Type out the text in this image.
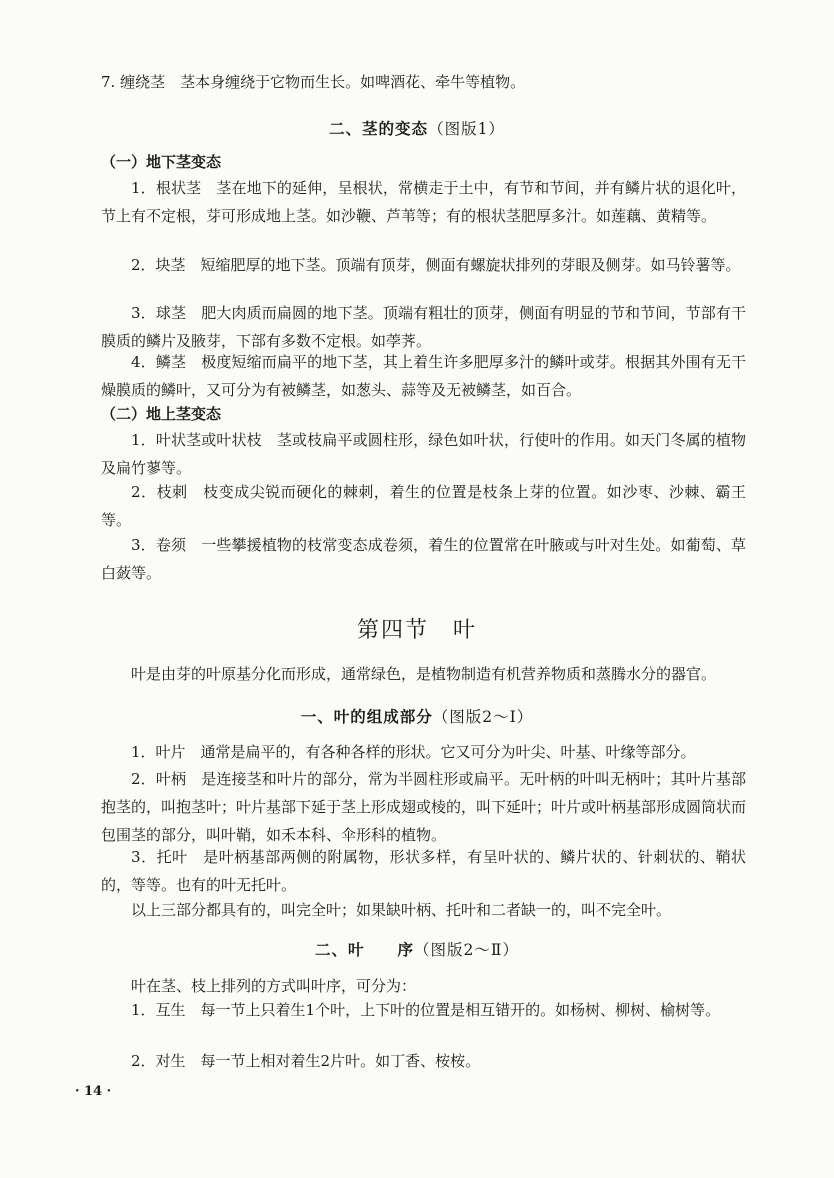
7. 缠绕茎　茎本身缠绕于它物而生长。如啤酒花、牵牛等植物。
二、茎的变态（图版1）
（一）地下茎变态
1．根状茎　茎在地下的延伸，呈根状，常横走于土中，有节和节间，并有鳞片状的退化叶，节上有不定根，芽可形成地上茎。如沙鞭、芦苇等；有的根状茎肥厚多汁。如莲藕、黄精等。
2．块茎　短缩肥厚的地下茎。顶端有顶芽，侧面有螺旋状排列的芽眼及侧芽。如马铃薯等。
3．球茎　肥大肉质而扁圆的地下茎。顶端有粗壮的顶芽，侧面有明显的节和节间，节部有干膜质的鳞片及腋芽，下部有多数不定根。如荸荠。
4．鳞茎　极度短缩而扁平的地下茎，其上着生许多肥厚多汁的鳞叶或芽。根据其外围有无干燥膜质的鳞叶，又可分为有被鳞茎，如葱头、蒜等及无被鳞茎，如百合。
（二）地上茎变态
1．叶状茎或叶状枝　茎或枝扁平或圆柱形，绿色如叶状，行使叶的作用。如天门冬属的植物及扁竹蓼等。
2．枝刺　枝变成尖锐而硬化的棘刺，着生的位置是枝条上芽的位置。如沙枣、沙棘、霸王等。
3．卷须　一些攀援植物的枝常变态成卷须，着生的位置常在叶腋或与叶对生处。如葡萄、草白蔹等。
第四节　叶
叶是由芽的叶原基分化而形成，通常绿色，是植物制造有机营养物质和蒸腾水分的器官。
一、叶的组成部分（图版2～Ⅰ）
1．叶片　通常是扁平的，有各种各样的形状。它又可分为叶尖、叶基、叶缘等部分。
2．叶柄　是连接茎和叶片的部分，常为半圆柱形或扁平。无叶柄的叶叫无柄叶；其叶片基部抱茎的，叫抱茎叶；叶片基部下延于茎上形成翅或棱的，叫下延叶；叶片或叶柄基部形成圆筒状而包围茎的部分，叫叶鞘，如禾本科、伞形科的植物。
3．托叶　是叶柄基部两侧的附属物，形状多样，有呈叶状的、鳞片状的、针刺状的、鞘状的，等等。也有的叶无托叶。
以上三部分都具有的，叫完全叶；如果缺叶柄、托叶和二者缺一的，叫不完全叶。
二、叶　　序（图版2～Ⅱ）
叶在茎、枝上排列的方式叫叶序，可分为：
1．互生　每一节上只着生1个叶，上下叶的位置是相互错开的。如杨树、柳树、榆树等。
2．对生　每一节上相对着生2片叶。如丁香、桉桉。
· 14 ·
